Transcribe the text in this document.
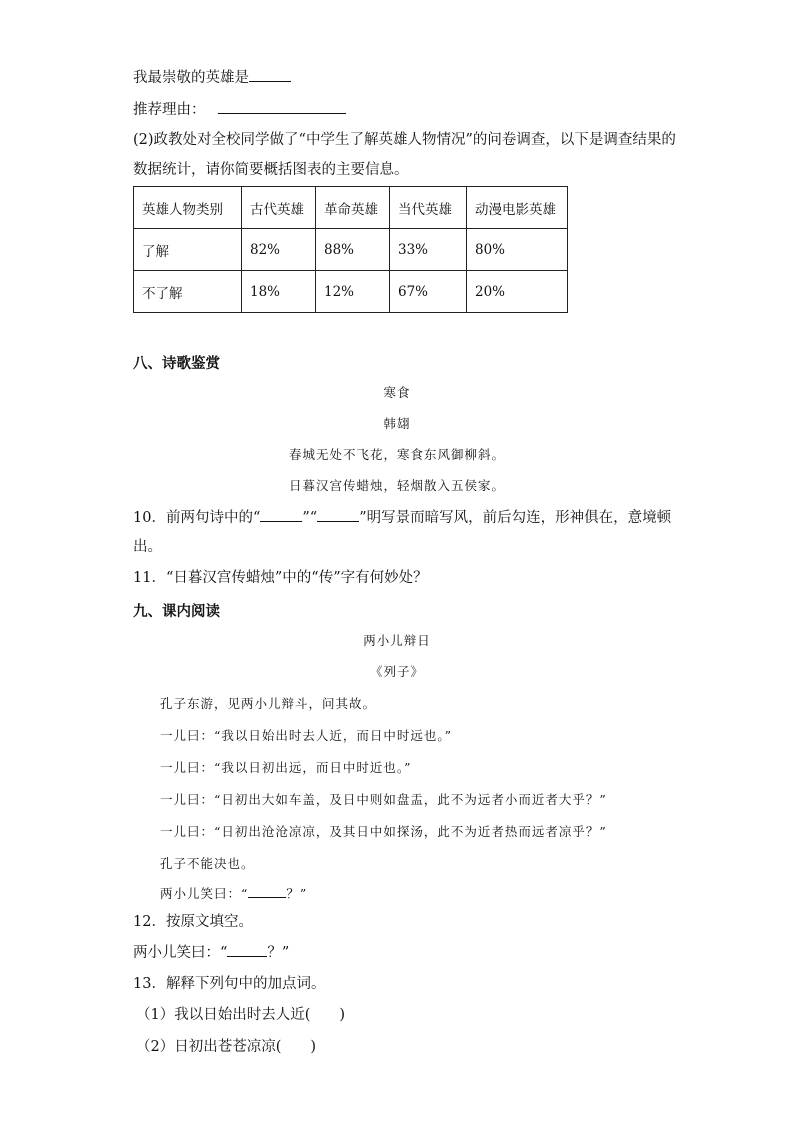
我最崇敬的英雄是
推荐理由：
(2)政教处对全校同学做了“中学生了解英雄人物情况”的问卷调查，以下是调查结果的
数据统计，请你简要概括图表的主要信息。
英雄人物类别	古代英雄	革命英雄	当代英雄	动漫电影英雄
了解	82%	88%	33%	80%
不了解	18%	12%	67%	20%
八、诗歌鉴赏
寒食
韩翃
春城无处不飞花，寒食东风御柳斜。
日暮汉宫传蜡烛，轻烟散入五侯家。
10．前两句诗中的“	”“	”明写景而暗写风，前后勾连，形神俱在，意境顿
出。
11．“日暮汉宫传蜡烛”中的“传”字有何妙处？
九、课内阅读
两小儿辩日
《列子》
孔子东游，见两小儿辩斗，问其故。
一儿曰：“我以日始出时去人近，而日中时远也。”
一儿曰：“我以日初出远，而日中时近也。”
一儿曰：“日初出大如车盖，及日中则如盘盂，此不为远者小而近者大乎？”
一儿曰：“日初出沧沧凉凉，及其日中如探汤，此不为近者热而远者凉乎？”
孔子不能决也。
两小儿笑曰：“	？”
12．按原文填空。
两小儿笑曰：“	？”
13．解释下列句中的加点词。
（1）我以日始出时去人近(　　)
（2）日初出苍苍凉凉(　　)
